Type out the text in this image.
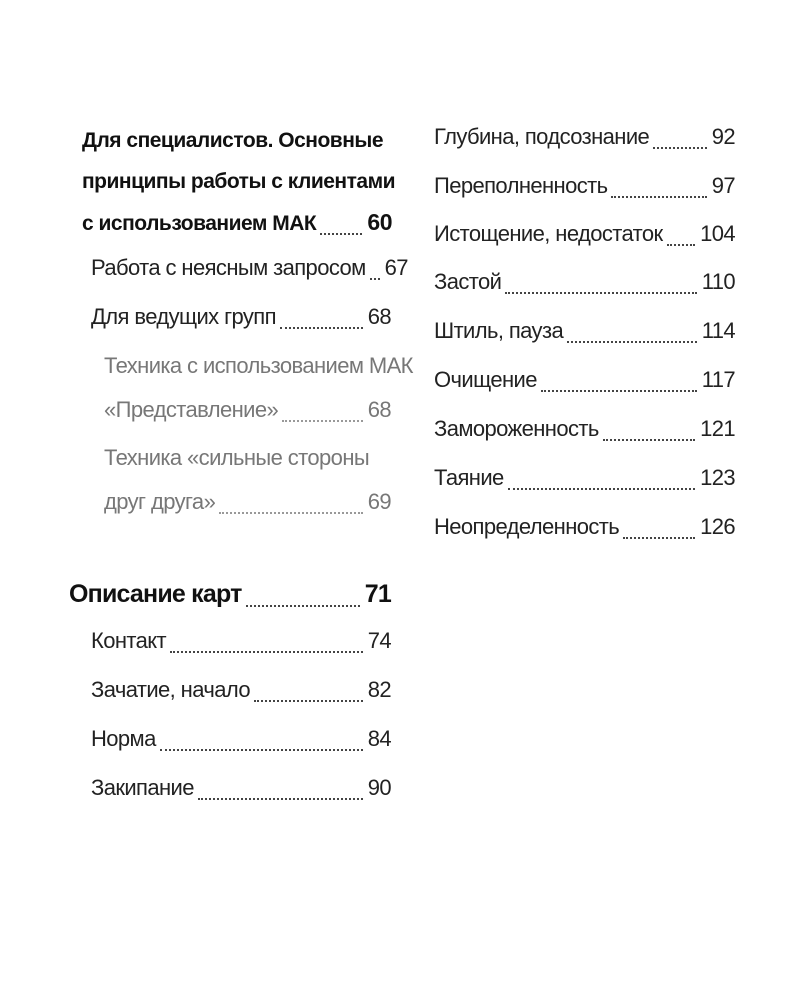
Для специалистов. Основные
принципы работы с клиентами
с использованием МАК 60
Работа с неясным запросом 67
Для ведущих групп	68
Техника с использованием МАК
«Представление»	68
Техника «сильные стороны
друг друга»	69
Описание карт	71
Контакт	74
Зачатие, начало	82
Норма	84
Закипание	90
Глубина, подсознание	92
Переполненность	97
Истощение, недостаток 104
Застой	110
Штиль, пауза	114
Очищение	117
Замороженность	121
Таяние	123
Неопределенность	126
